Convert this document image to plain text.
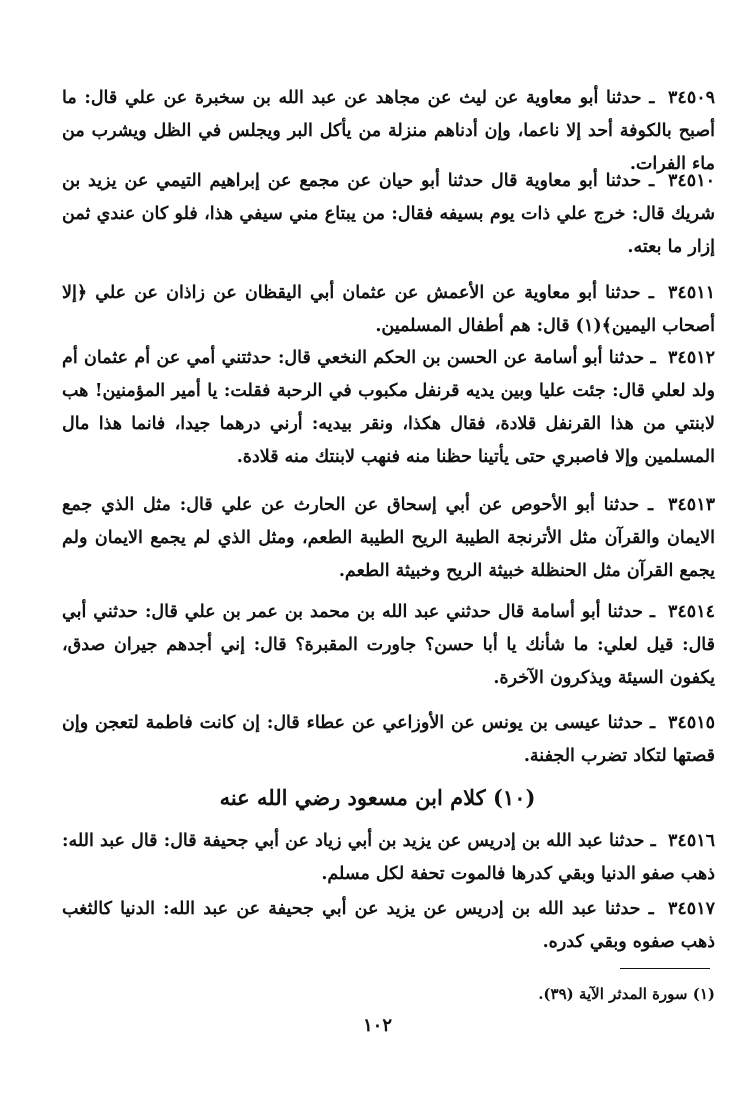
٣٤٥٠٩ ـ حدثنا أبو معاوية عن ليث عن مجاهد عن عبد الله بن سخبرة عن علي قال: ما أصبح بالكوفة أحد إلا ناعما، وإن أدناهم منزلة من يأكل البر ويجلس في الظل ويشرب من ماء الفرات.

٣٤٥١٠ ـ حدثنا أبو معاوية قال حدثنا أبو حيان عن مجمع عن إبراهيم التيمي عن يزيد بن شريك قال: خرج علي ذات يوم بسيفه فقال: من يبتاع مني سيفي هذا، فلو كان عندي ثمن إزار ما بعته.

٣٤٥١١ ـ حدثنا أبو معاوية عن الأعمش عن عثمان أبي اليقظان عن زاذان عن علي ﴿إلا أصحاب اليمين﴾(١) قال: هم أطفال المسلمين.

٣٤٥١٢ ـ حدثنا أبو أسامة عن الحسن بن الحكم النخعي قال: حدثتني أمي عن أم عثمان أم ولد لعلي قال: جئت عليا وبين يديه قرنفل مكبوب في الرحبة فقلت: يا أمير المؤمنين! هب لابنتي من هذا القرنفل قلادة، فقال هكذا، ونقر بيديه: أرني درهما جيدا، فانما هذا مال المسلمين وإلا فاصبري حتى يأتينا حظنا منه فنهب لابنتك منه قلادة.

٣٤٥١٣ ـ حدثنا أبو الأحوص عن أبي إسحاق عن الحارث عن علي قال: مثل الذي جمع الايمان والقرآن مثل الأترنجة الطيبة الريح الطيبة الطعم، ومثل الذي لم يجمع الايمان ولم يجمع القرآن مثل الحنظلة خبيثة الريح وخبيثة الطعم.

٣٤٥١٤ ـ حدثنا أبو أسامة قال حدثني عبد الله بن محمد بن عمر بن علي قال: حدثني أبي قال: قيل لعلي: ما شأنك يا أبا حسن؟ جاورت المقبرة؟ قال: إني أجدهم جيران صدق، يكفون السيئة ويذكرون الآخرة.

٣٤٥١٥ ـ حدثنا عيسى بن يونس عن الأوزاعي عن عطاء قال: إن كانت فاطمة لتعجن وإن قصتها لتكاد تضرب الجفنة.

(١٠) كلام ابن مسعود رضي الله عنه

٣٤٥١٦ ـ حدثنا عبد الله بن إدريس عن يزيد بن أبي زياد عن أبي جحيفة قال: قال عبد الله: ذهب صفو الدنيا وبقي كدرها فالموت تحفة لكل مسلم.

٣٤٥١٧ ـ حدثنا عبد الله بن إدريس عن يزيد عن أبي جحيفة عن عبد الله: الدنيا كالثغب ذهب صفوه وبقي كدره.

(١) سورة المدثر الآية (٣٩).
١٠٢
